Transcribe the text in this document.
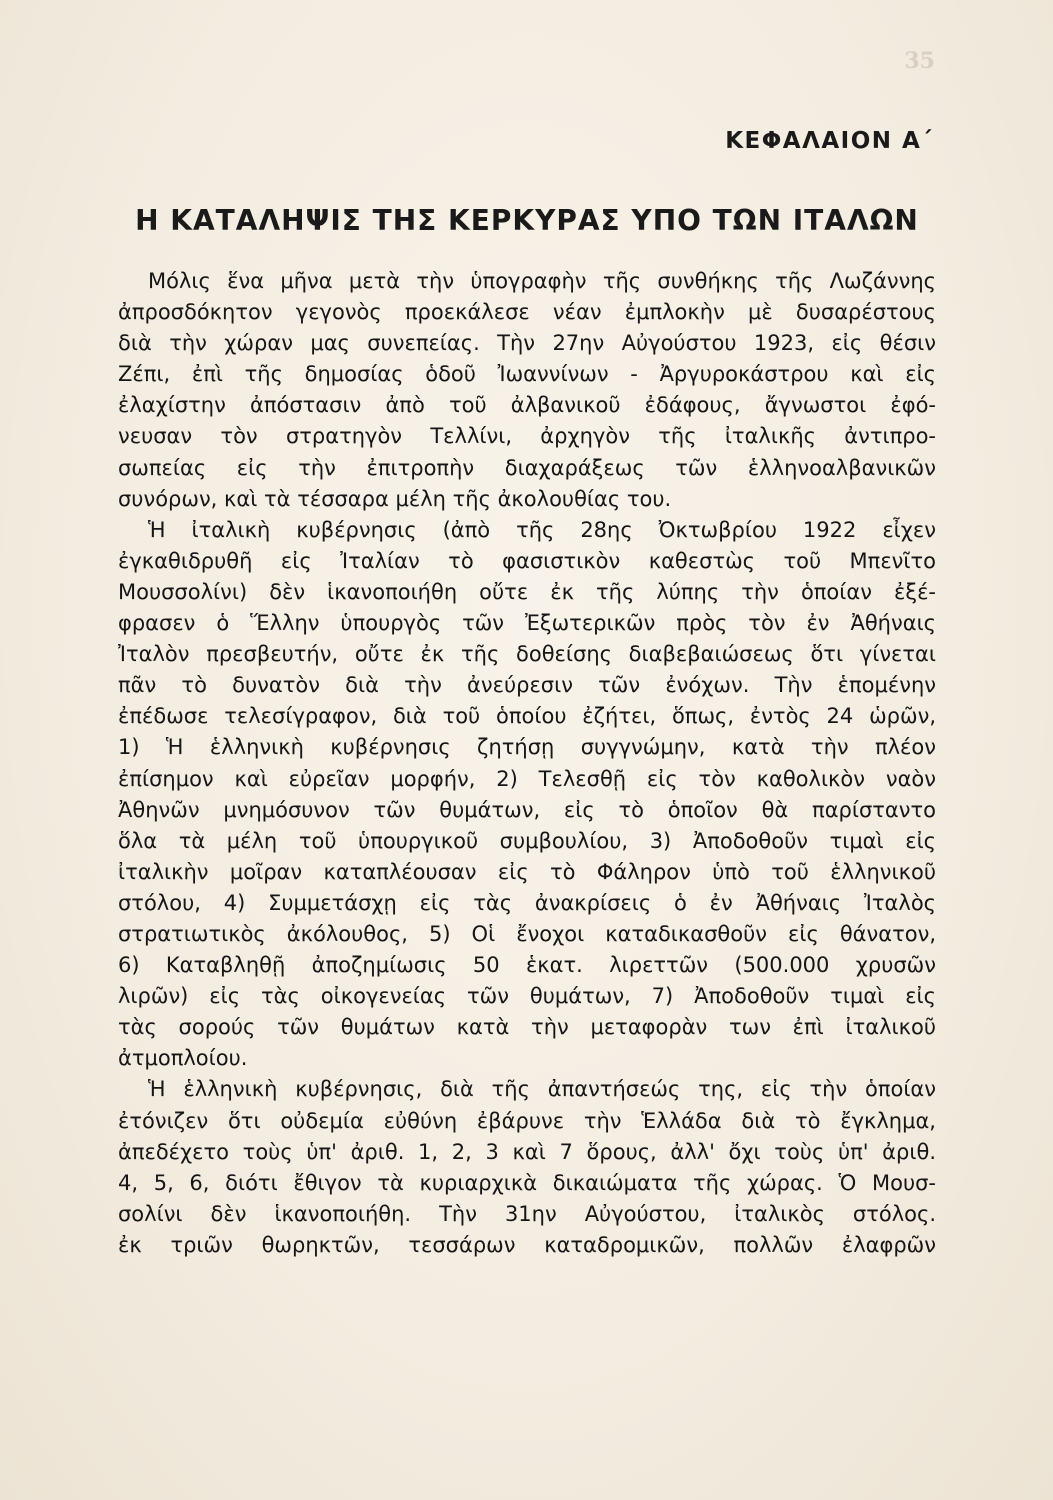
35
ΚΕΦΑΛΑΙΟΝ Α΄
Η ΚΑΤΑΛΗΨΙΣ ΤΗΣ ΚΕΡΚΥΡΑΣ ΥΠΟ ΤΩΝ ΙΤΑΛΩΝ

Μόλις ἕνα μῆνα μετὰ τὴν ὑπογραφὴν τῆς συνθήκης τῆς Λωζάννης
ἀπροσδόκητον γεγονὸς προεκάλεσε νέαν ἐμπλοκὴν μὲ δυσαρέστους
διὰ τὴν χώραν μας συνεπείας. Τὴν 27ην Αὐγούστου 1923, εἰς θέσιν
Ζέπι, ἐπὶ τῆς δημοσίας ὁδοῦ Ἰωαννίνων - Ἀργυροκάστρου καὶ εἰς
ἐλαχίστην ἀπόστασιν ἀπὸ τοῦ ἀλβανικοῦ ἐδάφους, ἄγνωστοι ἐφό-
νευσαν τὸν στρατηγὸν Τελλίνι, ἀρχηγὸν τῆς ἰταλικῆς ἀντιπρο-
σωπείας εἰς τὴν ἐπιτροπὴν διαχαράξεως τῶν ἑλληνοαλβανικῶν
συνόρων, καὶ τὰ τέσσαρα μέλη τῆς ἀκολουθίας του.

Ἡ ἰταλικὴ κυβέρνησις (ἀπὸ τῆς 28ης Ὀκτωβρίου 1922 εἶχεν
ἐγκαθιδρυθῆ εἰς Ἰταλίαν τὸ φασιστικὸν καθεστὼς τοῦ Μπενῖτο
Μουσσολίνι) δὲν ἱκανοποιήθη οὔτε ἐκ τῆς λύπης τὴν ὁποίαν ἐξέ-
φρασεν ὁ Ἕλλην ὑπουργὸς τῶν Ἐξωτερικῶν πρὸς τὸν ἐν Ἀθήναις
Ἰταλὸν πρεσβευτήν, οὔτε ἐκ τῆς δοθείσης διαβεβαιώσεως ὅτι γίνεται
πᾶν τὸ δυνατὸν διὰ τὴν ἀνεύρεσιν τῶν ἐνόχων. Τὴν ἑπομένην
ἐπέδωσε τελεσίγραφον, διὰ τοῦ ὁποίου ἐζήτει, ὅπως, ἐντὸς 24 ὡρῶν,
1) Ἡ ἑλληνικὴ κυβέρνησις ζητήσῃ συγγνώμην, κατὰ τὴν πλέον
ἐπίσημον καὶ εὐρεῖαν μορφήν, 2) Τελεσθῇ εἰς τὸν καθολικὸν ναὸν
Ἀθηνῶν μνημόσυνον τῶν θυμάτων, εἰς τὸ ὁποῖον θὰ παρίσταντο
ὅλα τὰ μέλη τοῦ ὑπουργικοῦ συμβουλίου, 3) Ἀποδοθοῦν τιμαὶ εἰς
ἰταλικὴν μοῖραν καταπλέουσαν εἰς τὸ Φάληρον ὑπὸ τοῦ ἑλληνικοῦ
στόλου, 4) Συμμετάσχῃ εἰς τὰς ἀνακρίσεις ὁ ἐν Ἀθήναις Ἰταλὸς
στρατιωτικὸς ἀκόλουθος, 5) Οἱ ἔνοχοι καταδικασθοῦν εἰς θάνατον,
6) Καταβληθῇ ἀποζημίωσις 50 ἑκατ. λιρεττῶν (500.000 χρυσῶν
λιρῶν) εἰς τὰς οἰκογενείας τῶν θυμάτων, 7) Ἀποδοθοῦν τιμαὶ εἰς
τὰς σορούς τῶν θυμάτων κατὰ τὴν μεταφορὰν των ἐπὶ ἰταλικοῦ
ἀτμοπλοίου.

Ἡ ἑλληνικὴ κυβέρνησις, διὰ τῆς ἀπαντήσεώς της, εἰς τὴν ὁποίαν
ἐτόνιζεν ὅτι οὐδεμία εὐθύνη ἐβάρυνε τὴν Ἑλλάδα διὰ τὸ ἔγκλημα,
ἀπεδέχετο τοὺς ὑπ' ἀριθ. 1, 2, 3 καὶ 7 ὅρους, ἀλλ' ὄχι τοὺς ὑπ' ἀριθ.
4, 5, 6, διότι ἔθιγον τὰ κυριαρχικὰ δικαιώματα τῆς χώρας. Ὁ Μουσ-
σολίνι δὲν ἱκανοποιήθη. Τὴν 31ην Αὐγούστου, ἰταλικὸς στόλος.
ἐκ τριῶν θωρηκτῶν, τεσσάρων καταδρομικῶν, πολλῶν ἐλαφρῶν
